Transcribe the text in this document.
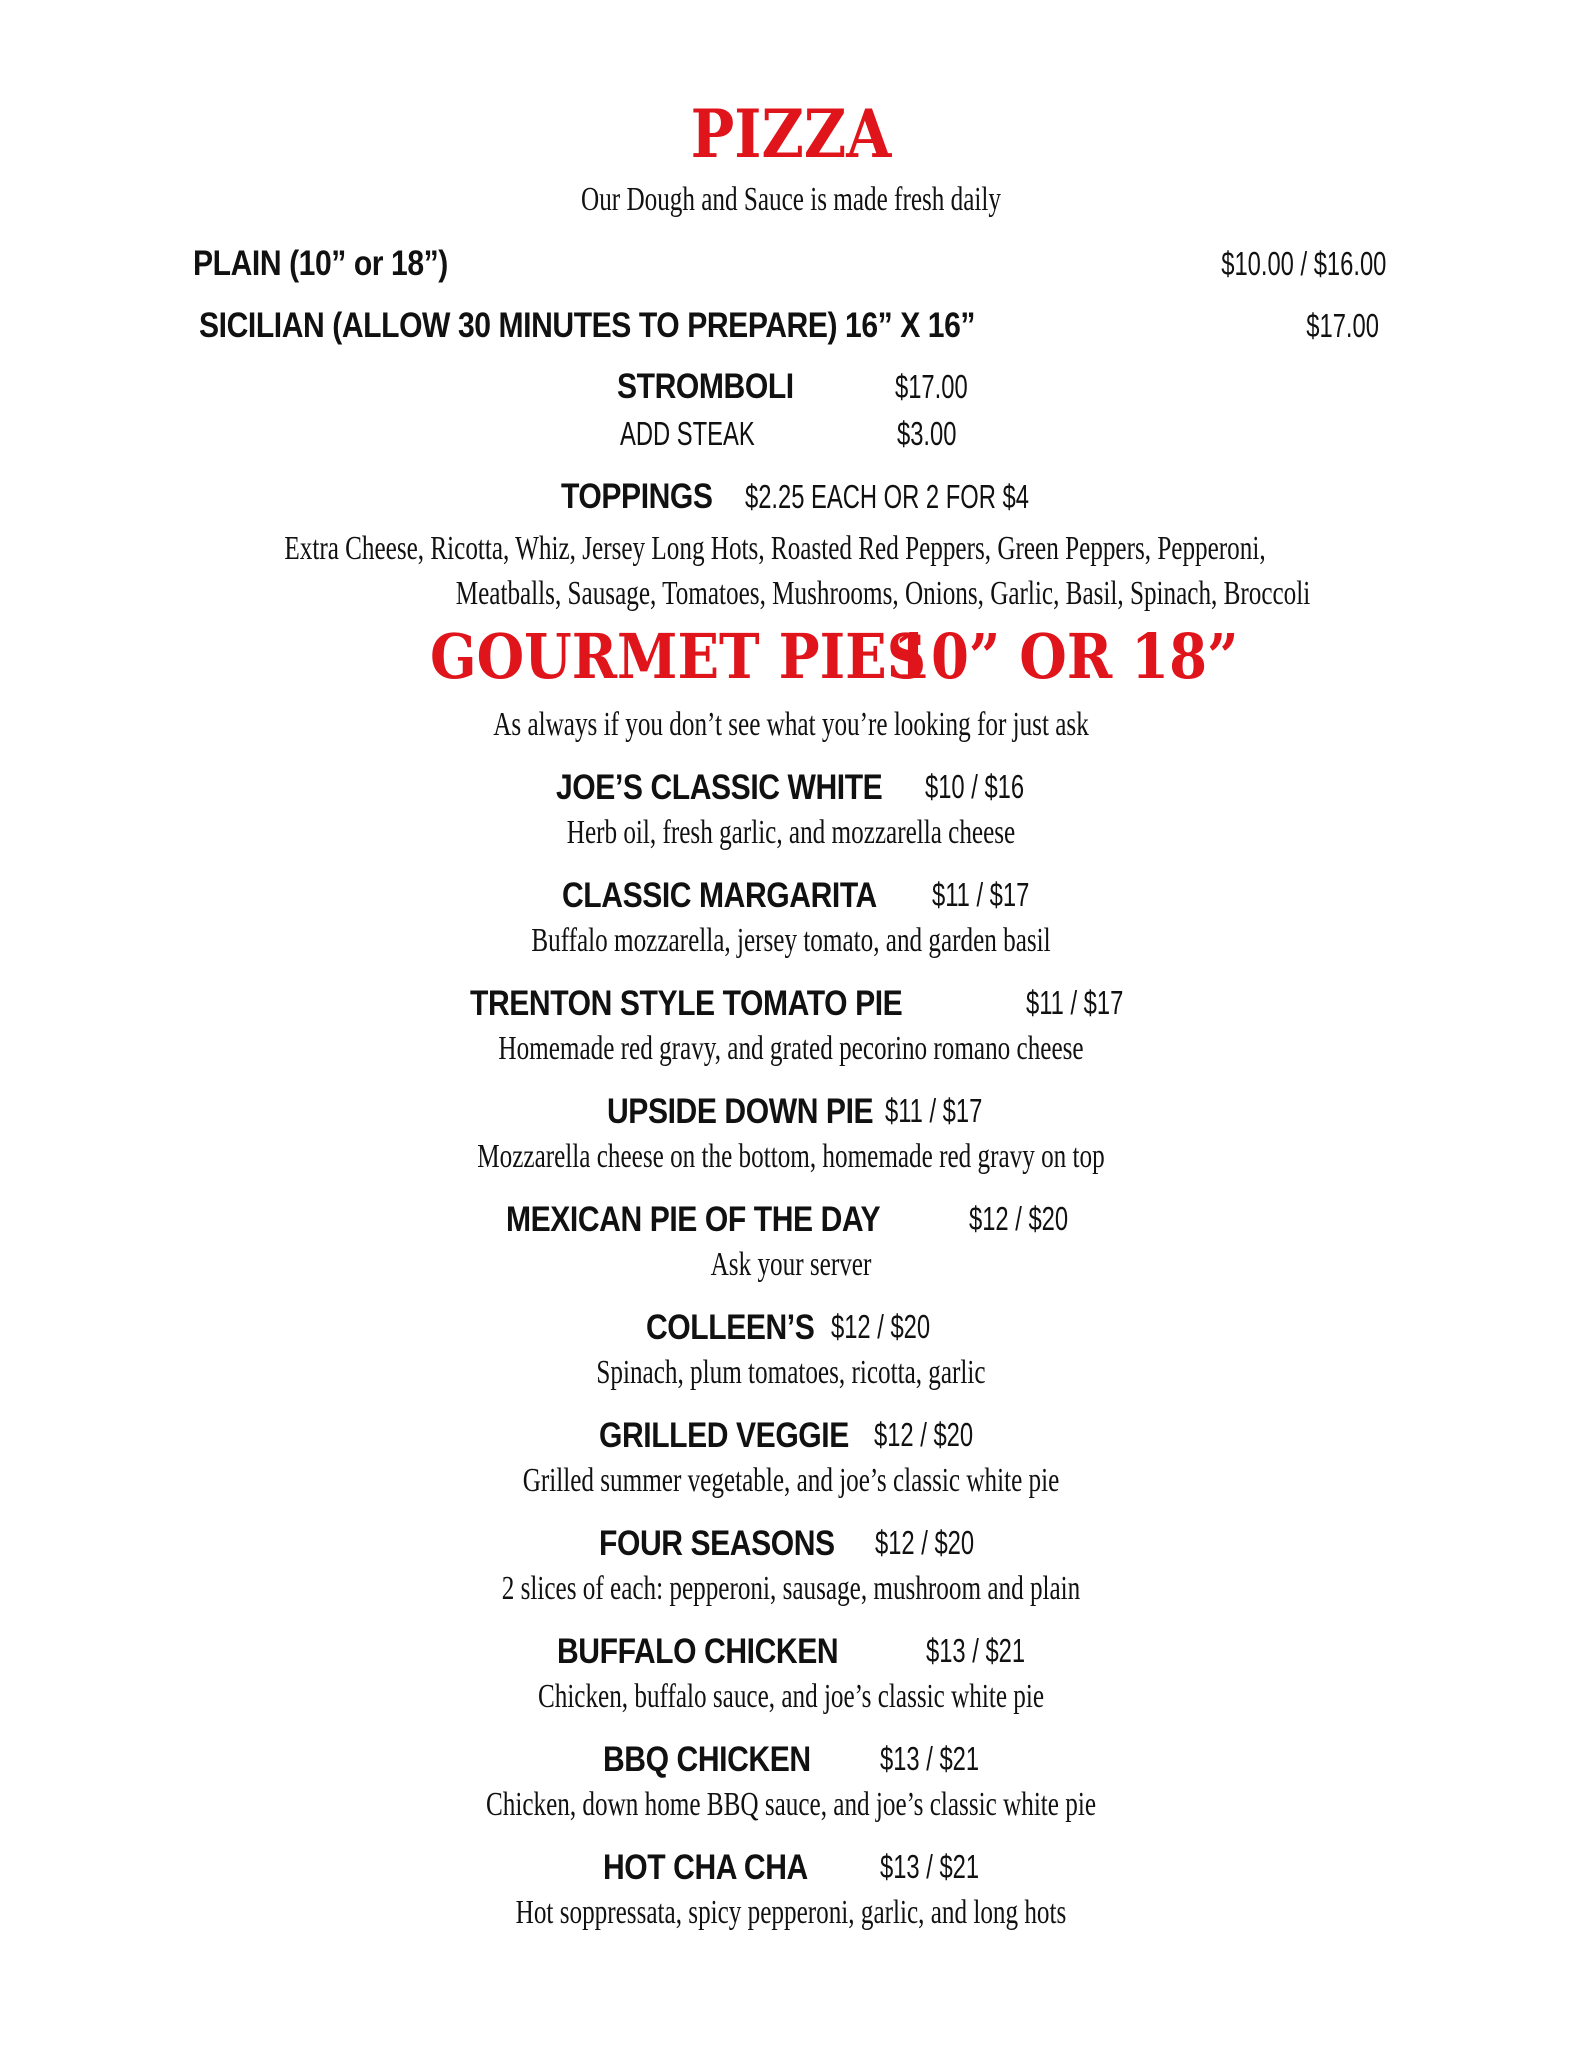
PIZZA
Our Dough and Sauce is made fresh daily
PLAIN (10” or 18”)	$10.00 / $16.00
SICILIAN (ALLOW 30 MINUTES TO PREPARE) 16” X 16”	$17.00
STROMBOLI	$17.00
ADD STEAK	$3.00
TOPPINGS $2.25 EACH OR 2 FOR $4
Extra Cheese, Ricotta, Whiz, Jersey Long Hots, Roasted Red Peppers, Green Peppers, Pepperoni,
Meatballs, Sausage, Tomatoes, Mushrooms, Onions, Garlic, Basil, Spinach, Broccoli
GOURMET PIES
10” OR 18”
As always if you don’t see what you’re looking for just ask
JOE’S CLASSIC WHITE $10 / $16
Herb oil, fresh garlic, and mozzarella cheese
CLASSIC MARGARITA $11 / $17
Buffalo mozzarella, jersey tomato, and garden basil
TRENTON STYLE TOMATO PIE	$11 / $17
Homemade red gravy, and grated pecorino romano cheese
UPSIDE DOWN PIE $11 / $17
Mozzarella cheese on the bottom, homemade red gravy on top
MEXICAN PIE OF THE DAY	$12 / $20
Ask your server
COLLEEN’S $12 / $20
Spinach, plum tomatoes, ricotta, garlic
GRILLED VEGGIE $12 / $20
Grilled summer vegetable, and joe’s classic white pie
FOUR SEASONS $12 / $20
2 slices of each: pepperoni, sausage, mushroom and plain
BUFFALO CHICKEN	$13 / $21
Chicken, buffalo sauce, and joe’s classic white pie
BBQ CHICKEN $13 / $21
Chicken, down home BBQ sauce, and joe’s classic white pie
HOT CHA CHA $13 / $21
Hot soppressata, spicy pepperoni, garlic, and long hots
